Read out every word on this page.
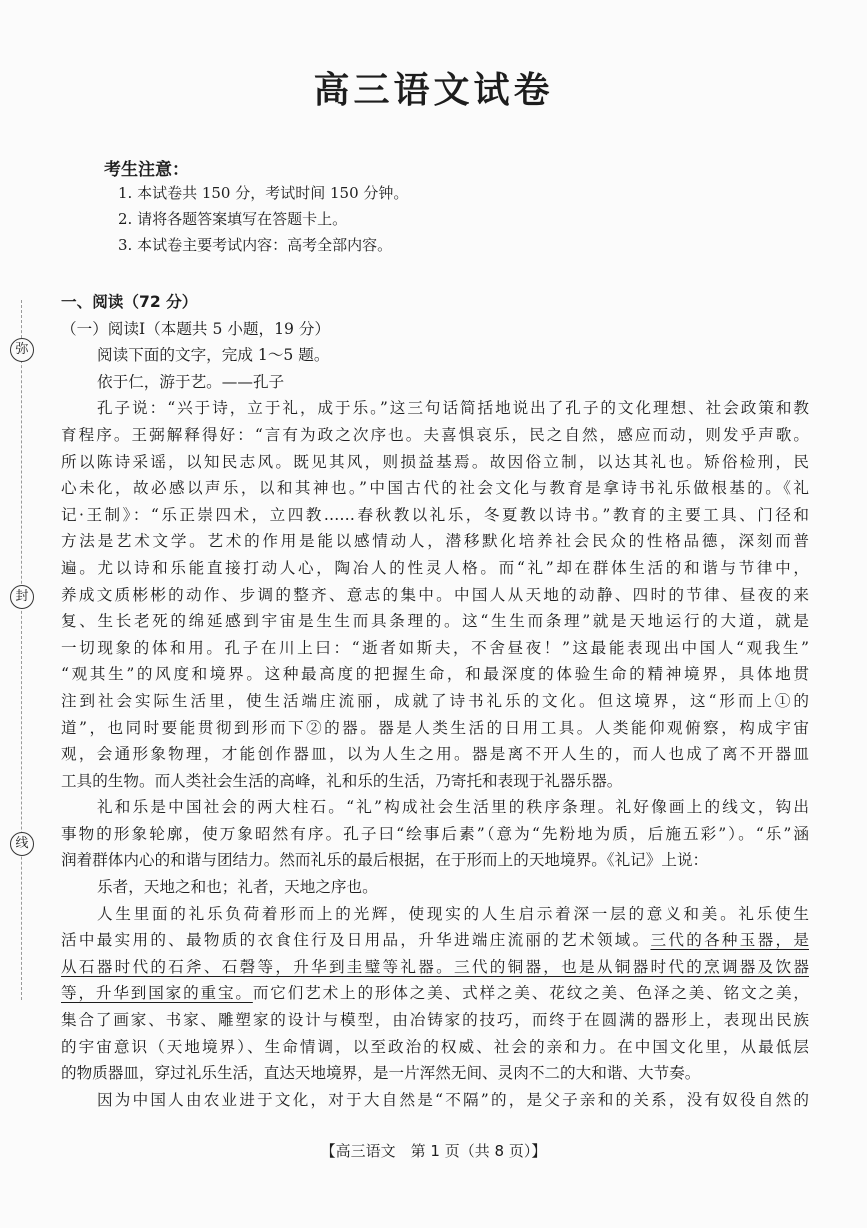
高三语文试卷
考生注意：
1. 本试卷共 150 分，考试时间 150 分钟。
2. 请将各题答案填写在答题卡上。
3. 本试卷主要考试内容：高考全部内容。
弥
封
线

一、阅读（72 分）

（一）阅读Ⅰ（本题共 5 小题，19 分）

阅读下面的文字，完成 1～5 题。

依于仁，游于艺。——孔子

孔子说：“兴于诗，立于礼，成于乐。”这三句话简括地说出了孔子的文化理想、社会政策和教

育程序。王弼解释得好：“言有为政之次序也。夫喜惧哀乐，民之自然，感应而动，则发乎声歌。

所以陈诗采谣，以知民志风。既见其风，则损益基焉。故因俗立制，以达其礼也。矫俗检刑，民

心未化，故必感以声乐，以和其神也。”中国古代的社会文化与教育是拿诗书礼乐做根基的。《礼

记·王制》：“乐正崇四术，立四教……春秋教以礼乐，冬夏教以诗书。”教育的主要工具、门径和

方法是艺术文学。艺术的作用是能以感情动人，潜移默化培养社会民众的性格品德，深刻而普

遍。尤以诗和乐能直接打动人心，陶冶人的性灵人格。而“礼”却在群体生活的和谐与节律中，

养成文质彬彬的动作、步调的整齐、意志的集中。中国人从天地的动静、四时的节律、昼夜的来

复、生长老死的绵延感到宇宙是生生而具条理的。这“生生而条理”就是天地运行的大道，就是

一切现象的体和用。孔子在川上曰：“逝者如斯夫，不舍昼夜！”这最能表现出中国人“观我生”

“观其生”的风度和境界。这种最高度的把握生命，和最深度的体验生命的精神境界，具体地贯

注到社会实际生活里，使生活端庄流丽，成就了诗书礼乐的文化。但这境界，这“形而上①的

道”，也同时要能贯彻到形而下②的器。器是人类生活的日用工具。人类能仰观俯察，构成宇宙

观，会通形象物理，才能创作器皿，以为人生之用。器是离不开人生的，而人也成了离不开器皿

工具的生物。而人类社会生活的高峰，礼和乐的生活，乃寄托和表现于礼器乐器。

礼和乐是中国社会的两大柱石。“礼”构成社会生活里的秩序条理。礼好像画上的线文，钩出

事物的形象轮廓，使万象昭然有序。孔子曰“绘事后素”（意为“先粉地为质，后施五彩”）。“乐”涵

润着群体内心的和谐与团结力。然而礼乐的最后根据，在于形而上的天地境界。《礼记》上说：

乐者，天地之和也；礼者，天地之序也。

人生里面的礼乐负荷着形而上的光辉，使现实的人生启示着深一层的意义和美。礼乐使生

活中最实用的、最物质的衣食住行及日用品，升华进端庄流丽的艺术领域。三代的各种玉器，是

从石器时代的石斧、石磬等，升华到圭璧等礼器。三代的铜器，也是从铜器时代的烹调器及饮器

等，升华到国家的重宝。而它们艺术上的形体之美、式样之美、花纹之美、色泽之美、铭文之美，

集合了画家、书家、雕塑家的设计与模型，由冶铸家的技巧，而终于在圆满的器形上，表现出民族

的宇宙意识（天地境界）、生命情调，以至政治的权威、社会的亲和力。在中国文化里，从最低层

的物质器皿，穿过礼乐生活，直达天地境界，是一片浑然无间、灵肉不二的大和谐、大节奏。

因为中国人由农业进于文化，对于大自然是“不隔”的，是父子亲和的关系，没有奴役自然的

【高三语文　第 1 页（共 8 页）】
